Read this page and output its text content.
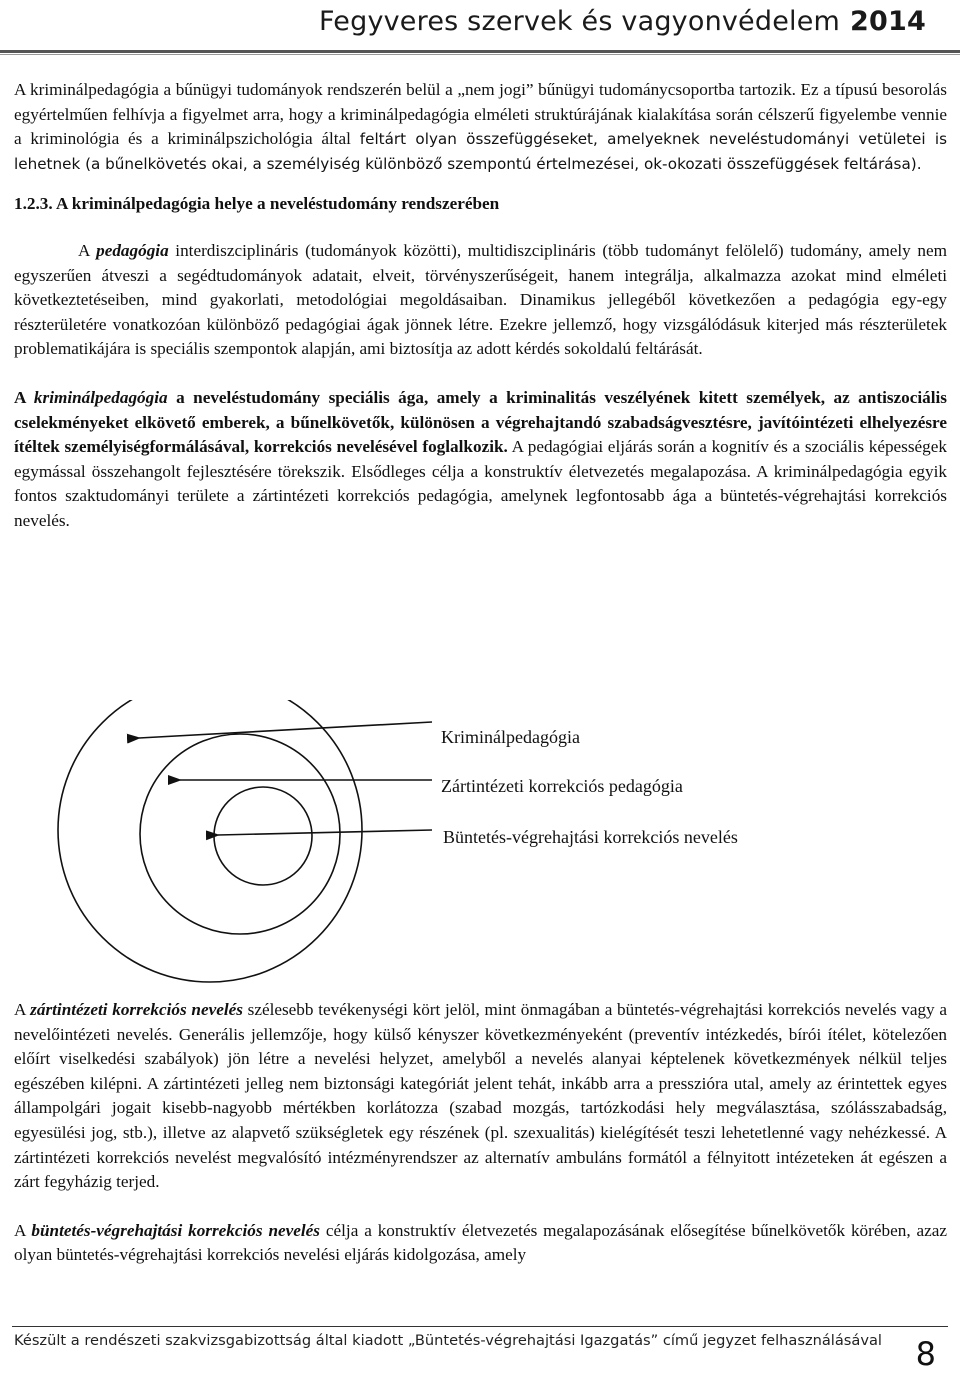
Fegyveres szervek és vagyonvédelem 2014

A kriminálpedagógia a bűnügyi tudományok rendszerén belül a „nem jogi” bűnügyi tudománycsoportba tartozik. Ez a típusú besorolás egyértelműen felhívja a figyelmet arra, hogy a kriminálpedagógia elméleti struktúrájának kialakítása során célszerű figyelembe vennie a kriminológia és a kriminálpszichológia által feltárt olyan összefüggéseket, amelyeknek neveléstudományi vetületei is lehetnek (a bűnelkövetés okai, a személyiség különböző szempontú értelmezései, ok-okozati összefüggések feltárása).

1.2.3. A kriminálpedagógia helye a neveléstudomány rendszerében

A pedagógia interdiszciplináris (tudományok közötti), multidiszciplináris (több tudományt felölelő) tudomány, amely nem egyszerűen átveszi a segédtudományok adatait, elveit, törvényszerűségeit, hanem integrálja, alkalmazza azokat mind elméleti következtetéseiben, mind gyakorlati, metodológiai megoldásaiban. Dinamikus jellegéből következően a pedagógia egy-egy részterületére vonatkozóan különböző pedagógiai ágak jönnek létre. Ezekre jellemző, hogy vizsgálódásuk kiterjed más részterületek problematikájára is speciális szempontok alapján, ami biztosítja az adott kérdés sokoldalú feltárását.

A kriminálpedagógia a neveléstudomány speciális ága, amely a kriminalitás veszélyének kitett személyek, az antiszociális cselekményeket elkövető emberek, a bűnelkövetők, különösen a végrehajtandó szabadságvesztésre, javítóintézeti elhelyezésre ítéltek személyiségformálásával, korrekciós nevelésével foglalkozik. A pedagógiai eljárás során a kognitív és a szociális képességek egymással összehangolt fejlesztésére törekszik. Elsődleges célja a konstruktív életvezetés megalapozása. A kriminálpedagógia egyik fontos szaktudományi területe a zártintézeti korrekciós pedagógia, amelynek legfontosabb ága a büntetés-végrehajtási korrekciós nevelés.

Kriminálpedagógia
Zártintézeti korrekciós pedagógia
Büntetés-végrehajtási korrekciós nevelés

A zártintézeti korrekciós nevelés szélesebb tevékenységi kört jelöl, mint önmagában a büntetés-végrehajtási korrekciós nevelés vagy a nevelőintézeti nevelés. Generális jellemzője, hogy külső kényszer következményeként (preventív intézkedés, bírói ítélet, kötelezően előírt viselkedési szabályok) jön létre a nevelési helyzet, amelyből a nevelés alanyai képtelenek következmények nélkül teljes egészében kilépni. A zártintézeti jelleg nem biztonsági kategóriát jelent tehát, inkább arra a presszióra utal, amely az érintettek egyes állampolgári jogait kisebb-nagyobb mértékben korlátozza (szabad mozgás, tartózkodási hely megválasztása, szólásszabadság, egyesülési jog, stb.), illetve az alapvető szükségletek egy részének (pl. szexualitás) kielégítését teszi lehetetlenné vagy nehézkessé. A zártintézeti korrekciós nevelést megvalósító intézményrendszer az alternatív ambuláns formától a félnyitott intézeteken át egészen a zárt fegyházig terjed.

A büntetés-végrehajtási korrekciós nevelés célja a konstruktív életvezetés megalapozásának elősegítése bűnelkövetők körében, azaz olyan büntetés-végrehajtási korrekciós nevelési eljárás kidolgozása, amely

Készült a rendészeti szakvizsgabizottság által kiadott „Büntetés-végrehajtási Igazgatás” című jegyzet felhasználásával 8
